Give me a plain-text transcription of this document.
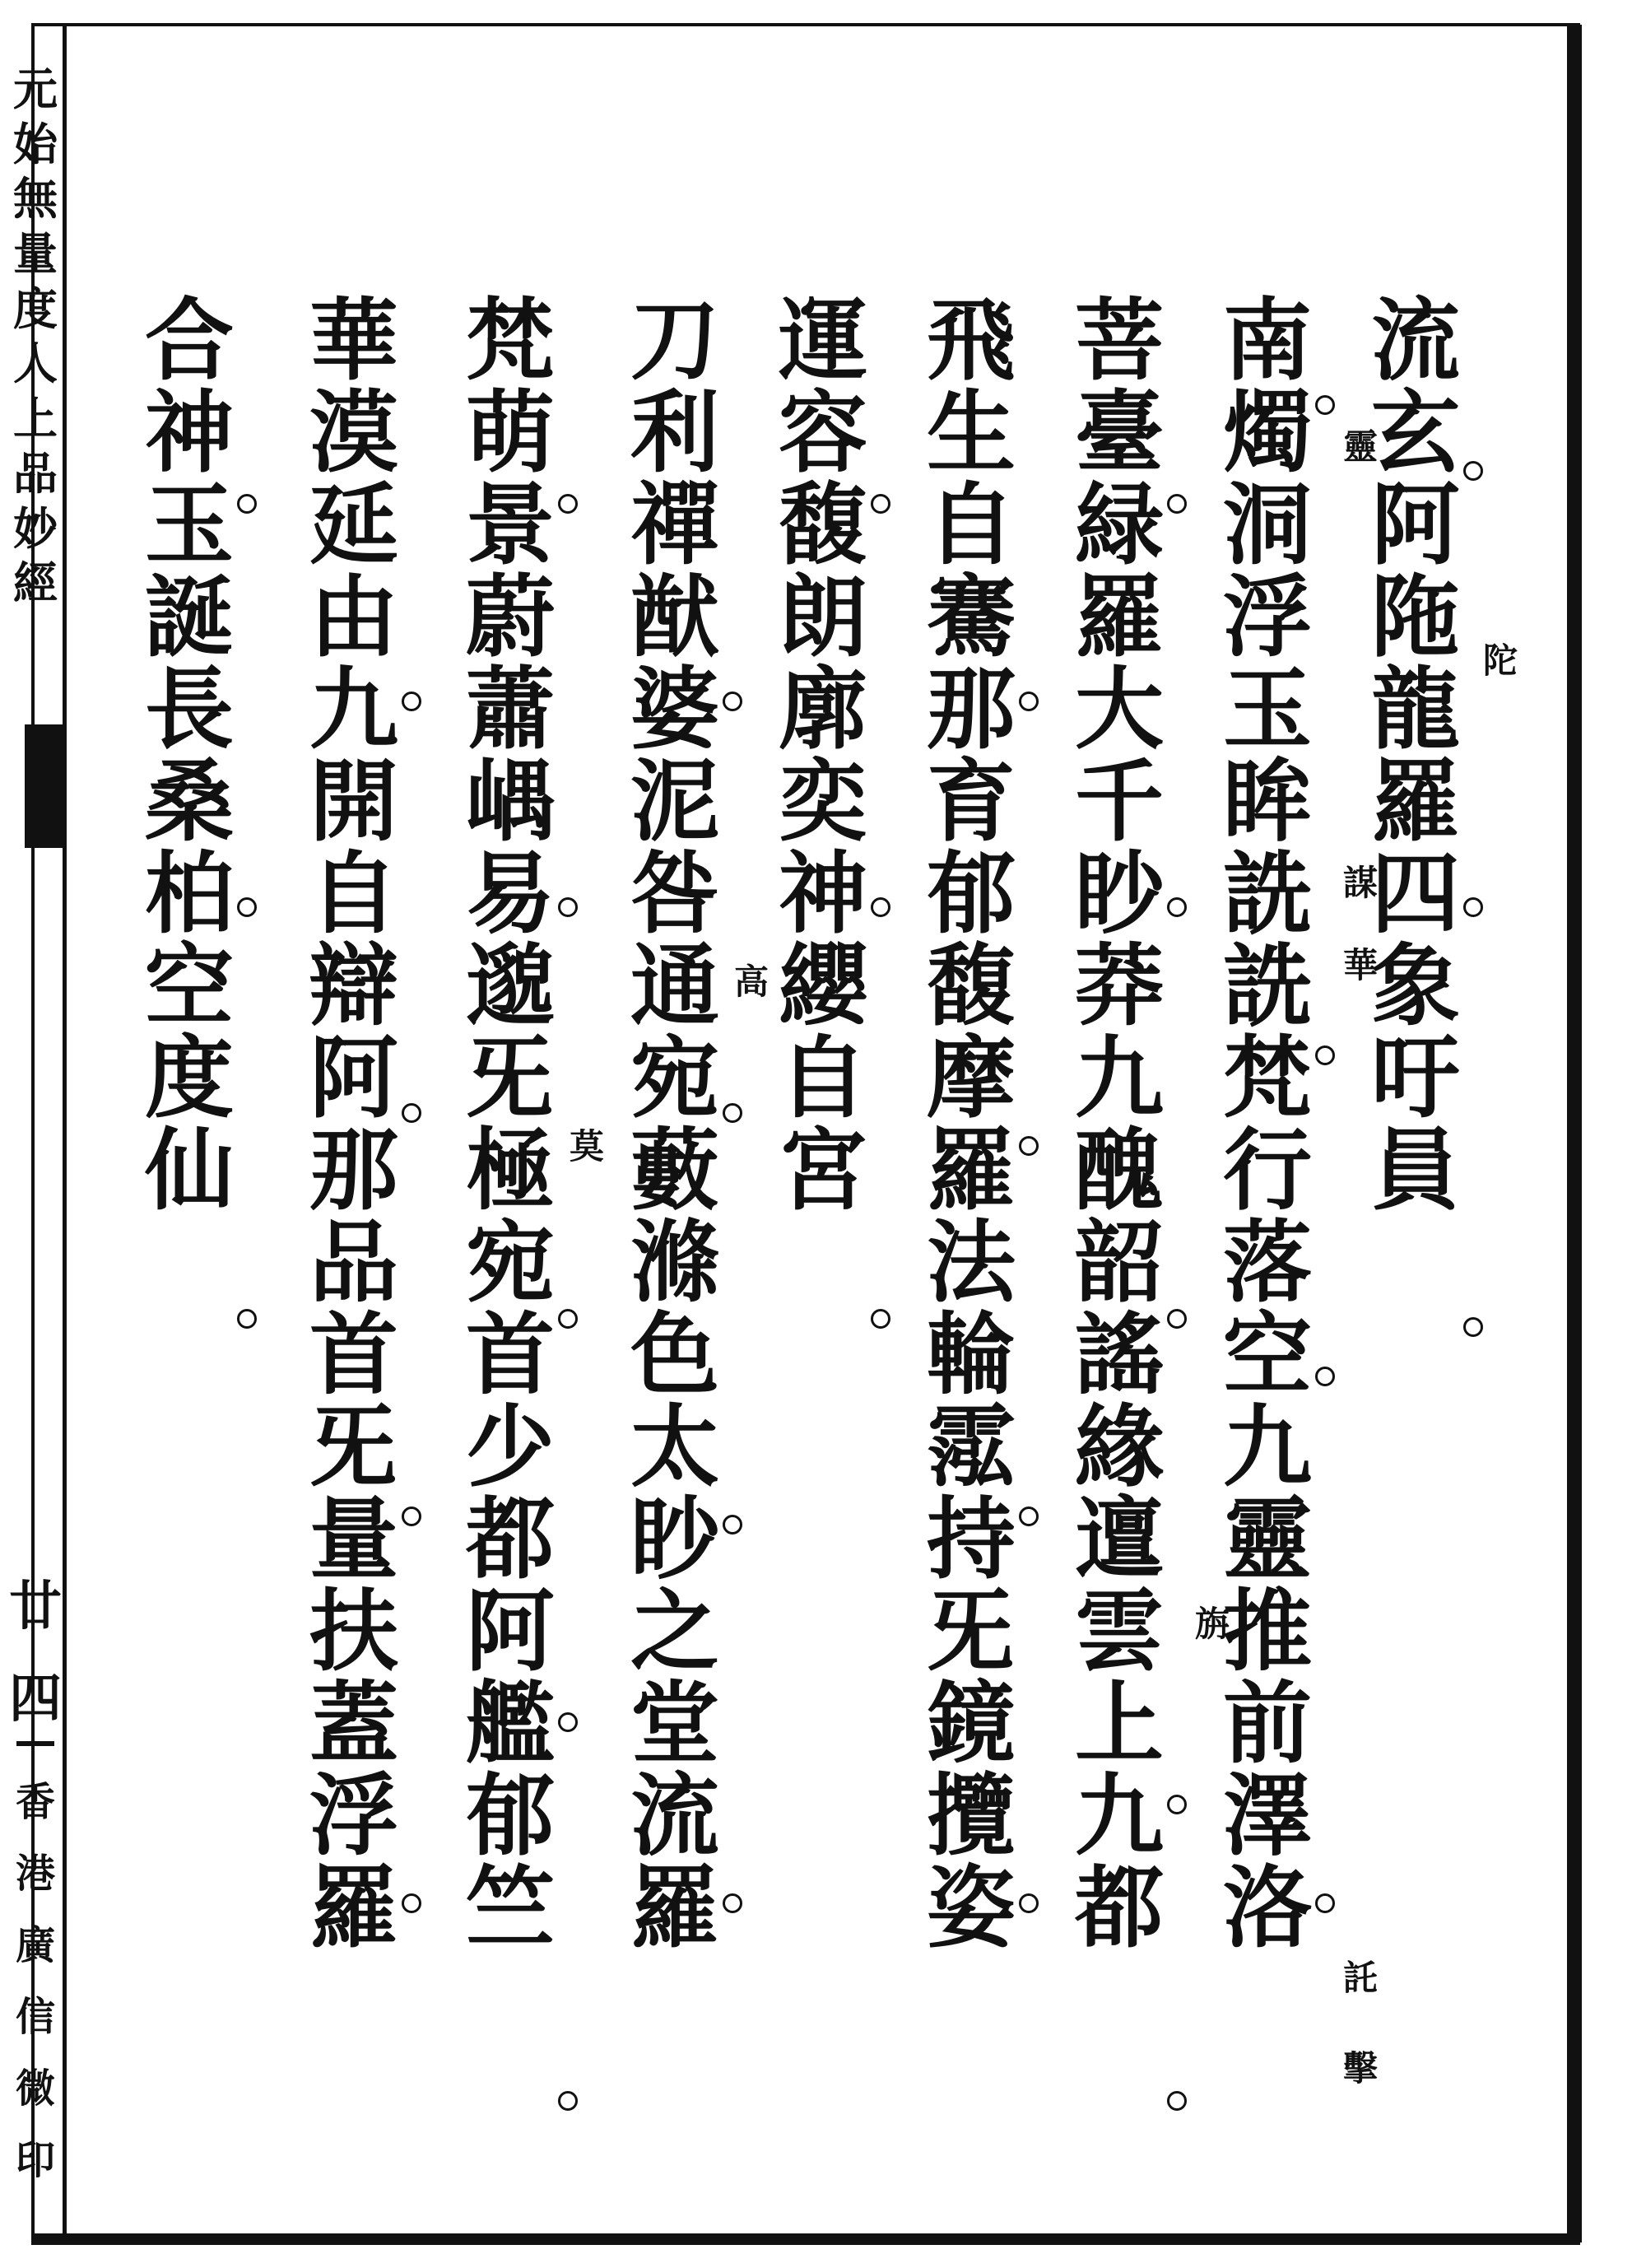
元
始
無
量
度
人
上
品
妙
經
廿
四
香
港
廣
信
微
印
流
玄
阿
陁
龍
羅
四
象
吁
員
南
燭
洞
浮
玉
眸
詵
詵
梵
行
落
空
九
靈
推
前
澤
洛
菩
臺
緑
羅
大
千
眇
莽
九
醜
韶
謠
緣
邅
雲
上
九
都
飛
生
自
騫
那
育
郁
馥
摩
羅
法
輪
霐
持
旡
鏡
攬
姿
運
容
馥
朗
廓
奕
神
纓
自
宮
刀
利
禪
猷
婆
泥
咎
通
宛
藪
滌
色
太
眇
之
堂
流
羅
梵
萌
景
蔚
蕭
嵎
易
邈
旡
極
宛
首
少
都
阿
艦
郁
竺
華
漠
延
由
九
開
自
辯
阿
那
品
首
旡
量
扶
蓋
浮
羅
合
神
玉
誕
長
桑
柏
空
度
仙
陀
靈
謀
華
旃
高
莫
託
擊
